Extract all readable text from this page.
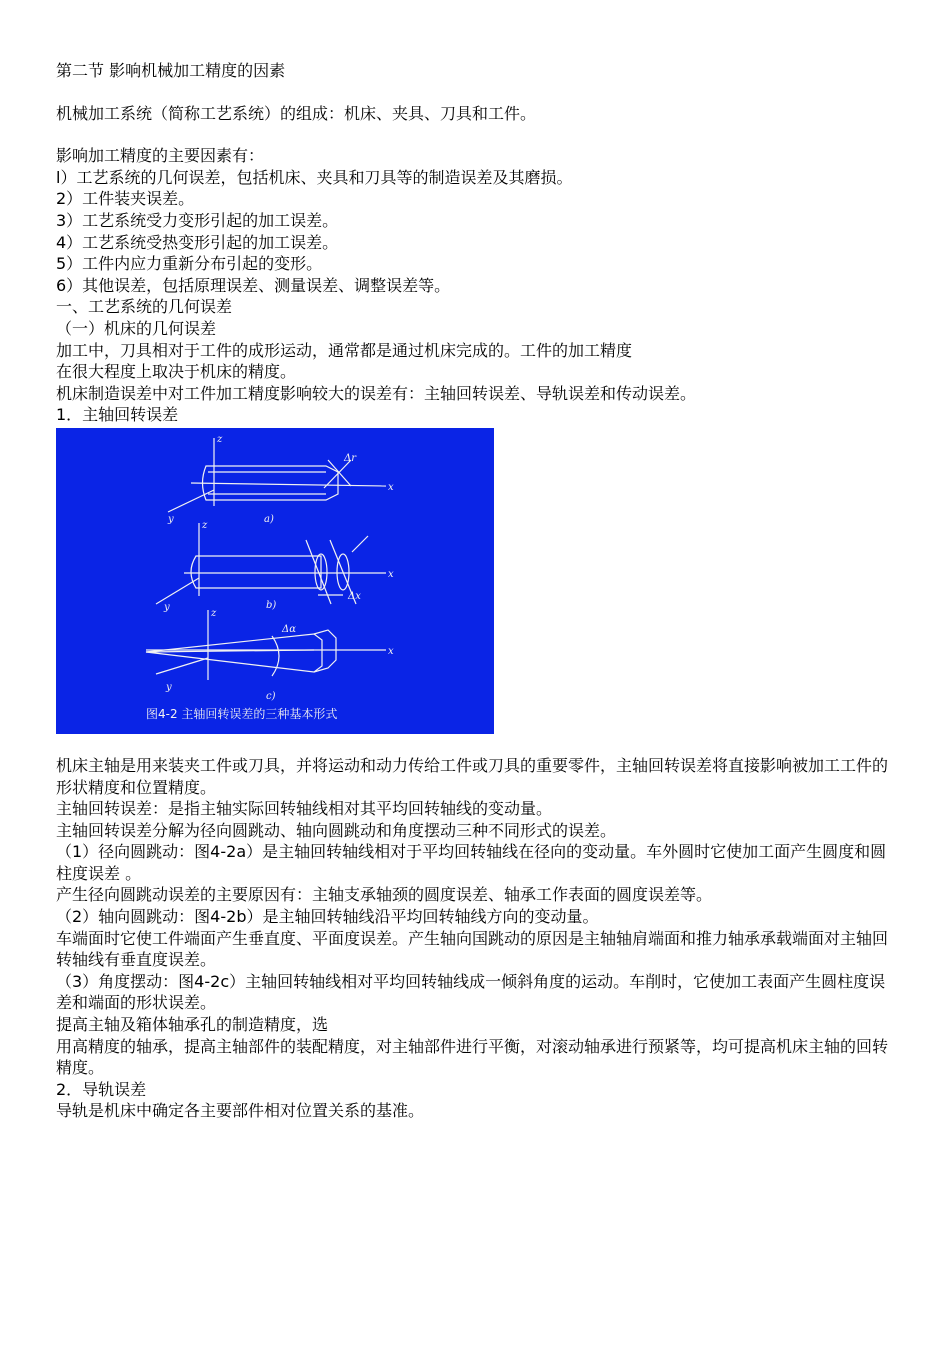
第二节 影响机械加工精度的因素
机械加工系统（简称工艺系统）的组成：机床、夹具、刀具和工件。
影响加工精度的主要因素有：
l）工艺系统的几何误差，包括机床、夹具和刀具等的制造误差及其磨损。
2）工件装夹误差。
3）工艺系统受力变形引起的加工误差。
4）工艺系统受热变形引起的加工误差。
5）工件内应力重新分布引起的变形。
6）其他误差，包括原理误差、测量误差、调整误差等。
一、工艺系统的几何误差
（一）机床的几何误差
加工中，刀具相对于工件的成形运动，通常都是通过机床完成的。工件的加工精度
在很大程度上取决于机床的精度。
机床制造误差中对工件加工精度影响较大的误差有：主轴回转误差、导轨误差和传动误差。
1．主轴回转误差
z
x
y
Δr
a)
z
x
y
Δx
b)
z
x
y
Δα
c)
图4-2 主轴回转误差的三种基本形式
机床主轴是用来装夹工件或刀具，并将运动和动力传给工件或刀具的重要零件，主轴回转误差将直接影响被加工工件的形状精度和位置精度。
主轴回转误差：是指主轴实际回转轴线相对其平均回转轴线的变动量。
主轴回转误差分解为径向圆跳动、轴向圆跳动和角度摆动三种不同形式的误差。
（1）径向圆跳动：图4-2a）是主轴回转轴线相对于平均回转轴线在径向的变动量。车外圆时它使加工面产生圆度和圆柱度误差 。
产生径向圆跳动误差的主要原因有：主轴支承轴颈的圆度误差、轴承工作表面的圆度误差等。
（2）轴向圆跳动：图4-2b）是主轴回转轴线沿平均回转轴线方向的变动量。
车端面时它使工件端面产生垂直度、平面度误差。产生轴向国跳动的原因是主轴轴肩端面和推力轴承承载端面对主轴回转轴线有垂直度误差。
（3）角度摆动：图4-2c）主轴回转轴线相对平均回转轴线成一倾斜角度的运动。车削时，它使加工表面产生圆柱度误差和端面的形状误差。
提高主轴及箱体轴承孔的制造精度，选
用高精度的轴承，提高主轴部件的装配精度，对主轴部件进行平衡，对滚动轴承进行预紧等，均可提高机床主轴的回转精度。
2．导轨误差
导轨是机床中确定各主要部件相对位置关系的基准。
